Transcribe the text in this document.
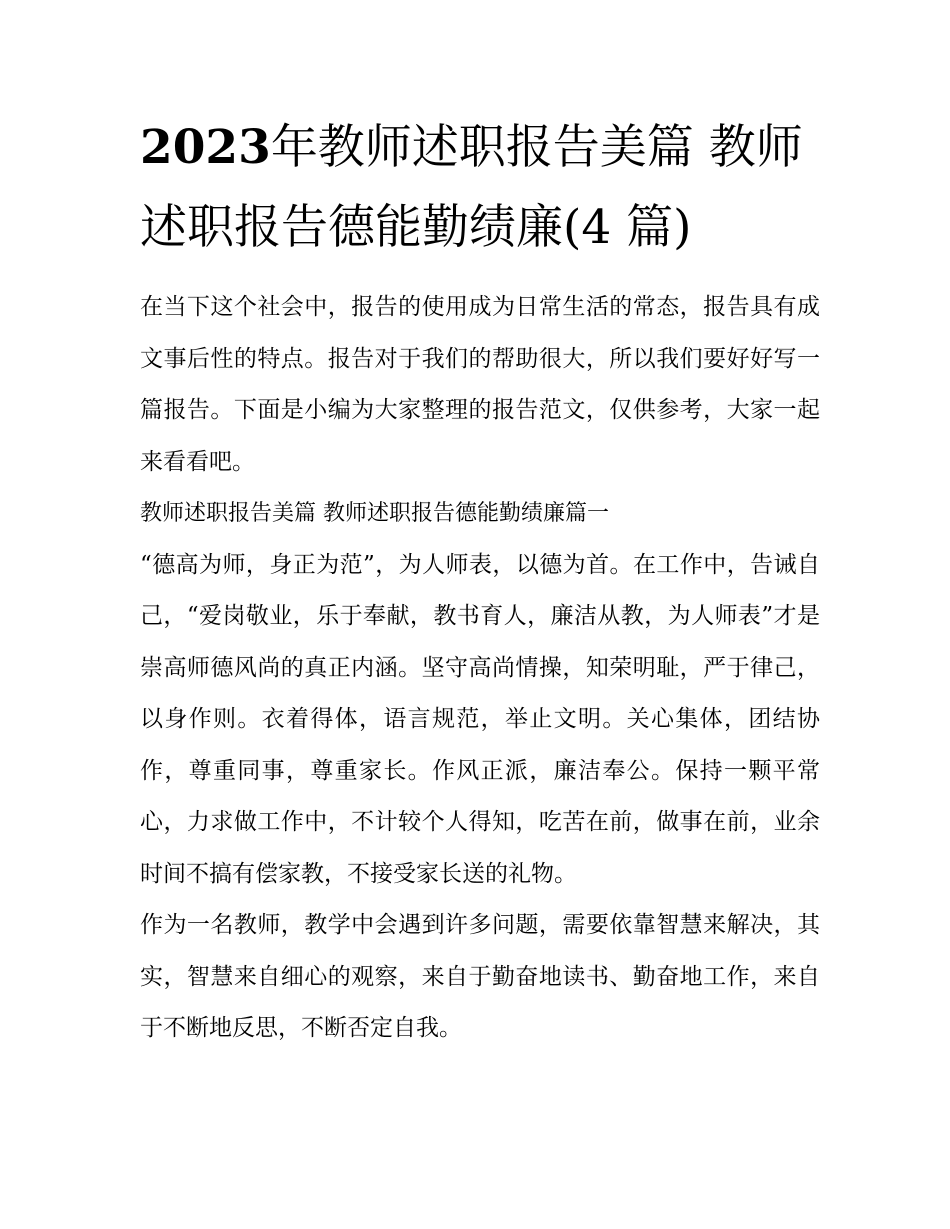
2023年教师述职报告美篇 教师述职报告德能勤绩廉(4 篇)

在当下这个社会中，报告的使用成为日常生活的常态，报告具有成文事后性的特点。报告对于我们的帮助很大，所以我们要好好写一篇报告。下面是小编为大家整理的报告范文，仅供参考，大家一起来看看吧。

教师述职报告美篇 教师述职报告德能勤绩廉篇一

“德高为师，身正为范”，为人师表，以德为首。在工作中，告诫自己，“爱岗敬业，乐于奉献，教书育人，廉洁从教，为人师表”才是崇高师德风尚的真正内涵。坚守高尚情操，知荣明耻，严于律己，以身作则。衣着得体，语言规范，举止文明。关心集体，团结协作，尊重同事，尊重家长。作风正派，廉洁奉公。保持一颗平常心，力求做工作中，不计较个人得知，吃苦在前，做事在前，业余时间不搞有偿家教，不接受家长送的礼物。

作为一名教师，教学中会遇到许多问题，需要依靠智慧来解决，其实，智慧来自细心的观察，来自于勤奋地读书、勤奋地工作，来自于不断地反思，不断否定自我。
